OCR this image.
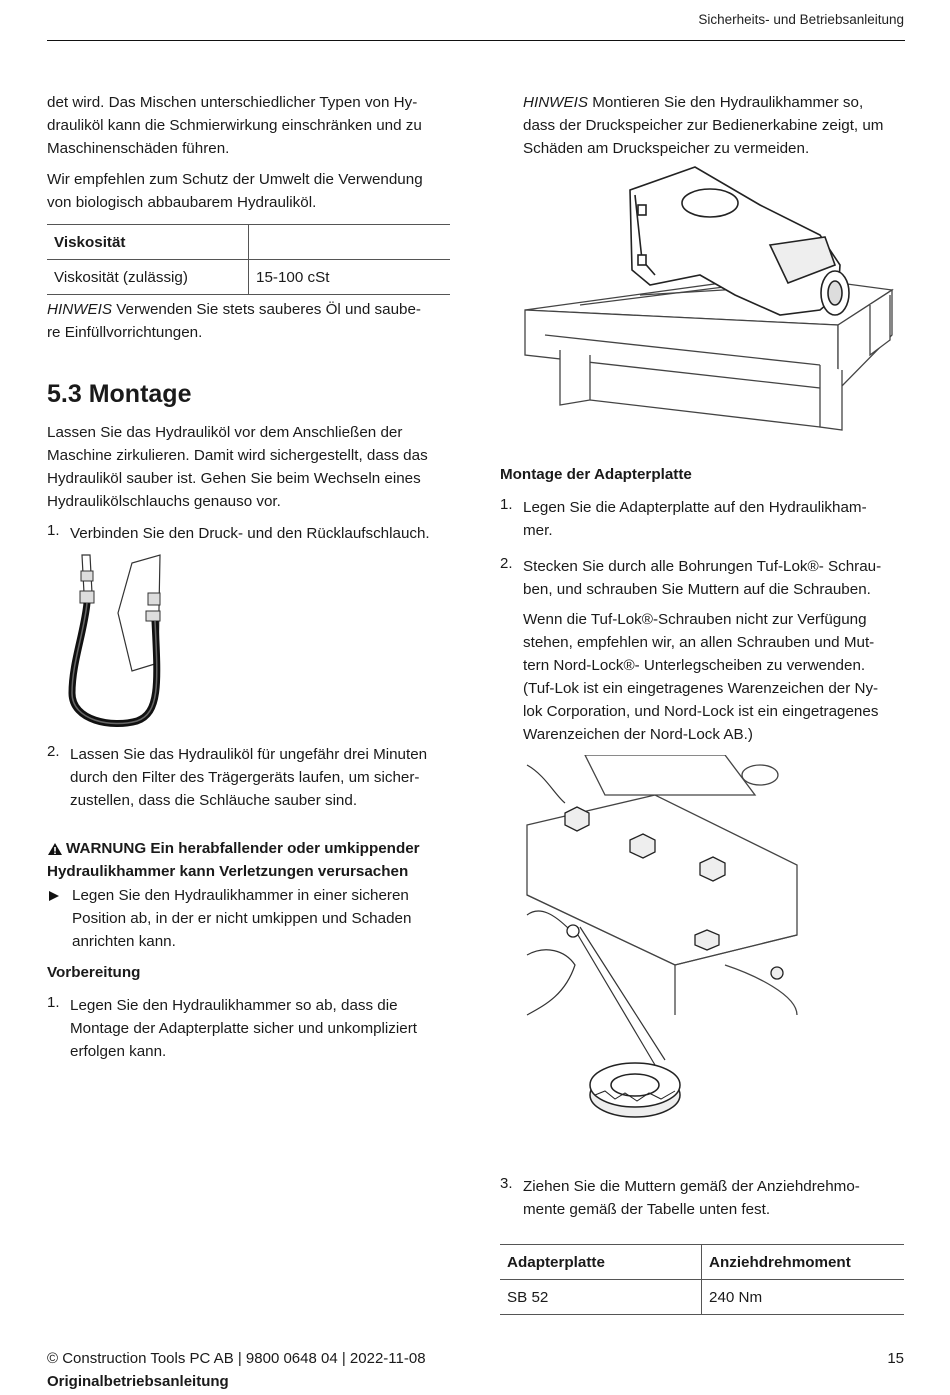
Sicherheits- und Betriebsanleitung

det wird. Das Mischen unterschiedlicher Typen von Hy-
drauliköl kann die Schmierwirkung einschränken und zu
Maschinenschäden führen.

Wir empfehlen zum Schutz der Umwelt die Verwendung
von biologisch abbaubarem Hydrauliköl.

Viskosität	
Viskosität (zulässig)	15-100 cSt

HINWEIS Verwenden Sie stets sauberes Öl und saube-
re Einfüllvorrichtungen.

5.3 Montage

Lassen Sie das Hydrauliköl vor dem Anschließen der
Maschine zirkulieren. Damit wird sichergestellt, dass das
Hydrauliköl sauber ist. Gehen Sie beim Wechseln eines
Hydraulikölschlauchs genauso vor.

1. Verbinden Sie den Druck- und den Rücklaufschlauch.

2. Lassen Sie das Hydrauliköl für ungefähr drei Minuten
durch den Filter des Trägergeräts laufen, um sicher-
zustellen, dass die Schläuche sauber sind.

WARNUNG Ein herabfallender oder umkippender
Hydraulikhammer kann Verletzungen verursachen

Legen Sie den Hydraulikhammer in einer sicheren
Position ab, in der er nicht umkippen und Schaden
anrichten kann.

Vorbereitung
1. Legen Sie den Hydraulikhammer so ab, dass die
Montage der Adapterplatte sicher und unkompliziert
erfolgen kann.

HINWEIS Montieren Sie den Hydraulikhammer so,
dass der Druckspeicher zur Bedienerkabine zeigt, um
Schäden am Druckspeicher zu vermeiden.

Montage der Adapterplatte
1. Legen Sie die Adapterplatte auf den Hydraulikham-
mer.

2. Stecken Sie durch alle Bohrungen Tuf-Lok®- Schrau-
ben, und schrauben Sie Muttern auf die Schrauben.

Wenn die Tuf-Lok®-Schrauben nicht zur Verfügung
stehen, empfehlen wir, an allen Schrauben und Mut-
tern Nord-Lock®- Unterlegscheiben zu verwenden.
(Tuf-Lok ist ein eingetragenes Warenzeichen der Ny-
lok Corporation, und Nord-Lock ist ein eingetragenes
Warenzeichen der Nord-Lock AB.)

3. Ziehen Sie die Muttern gemäß der Anziehdrehmo-
mente gemäß der Tabelle unten fest.

Adapterplatte	Anziehdrehmoment
SB 52	240 Nm
© Construction Tools PC AB | 9800 0648 04 | 2022-11-08
Originalbetriebsanleitung
15
